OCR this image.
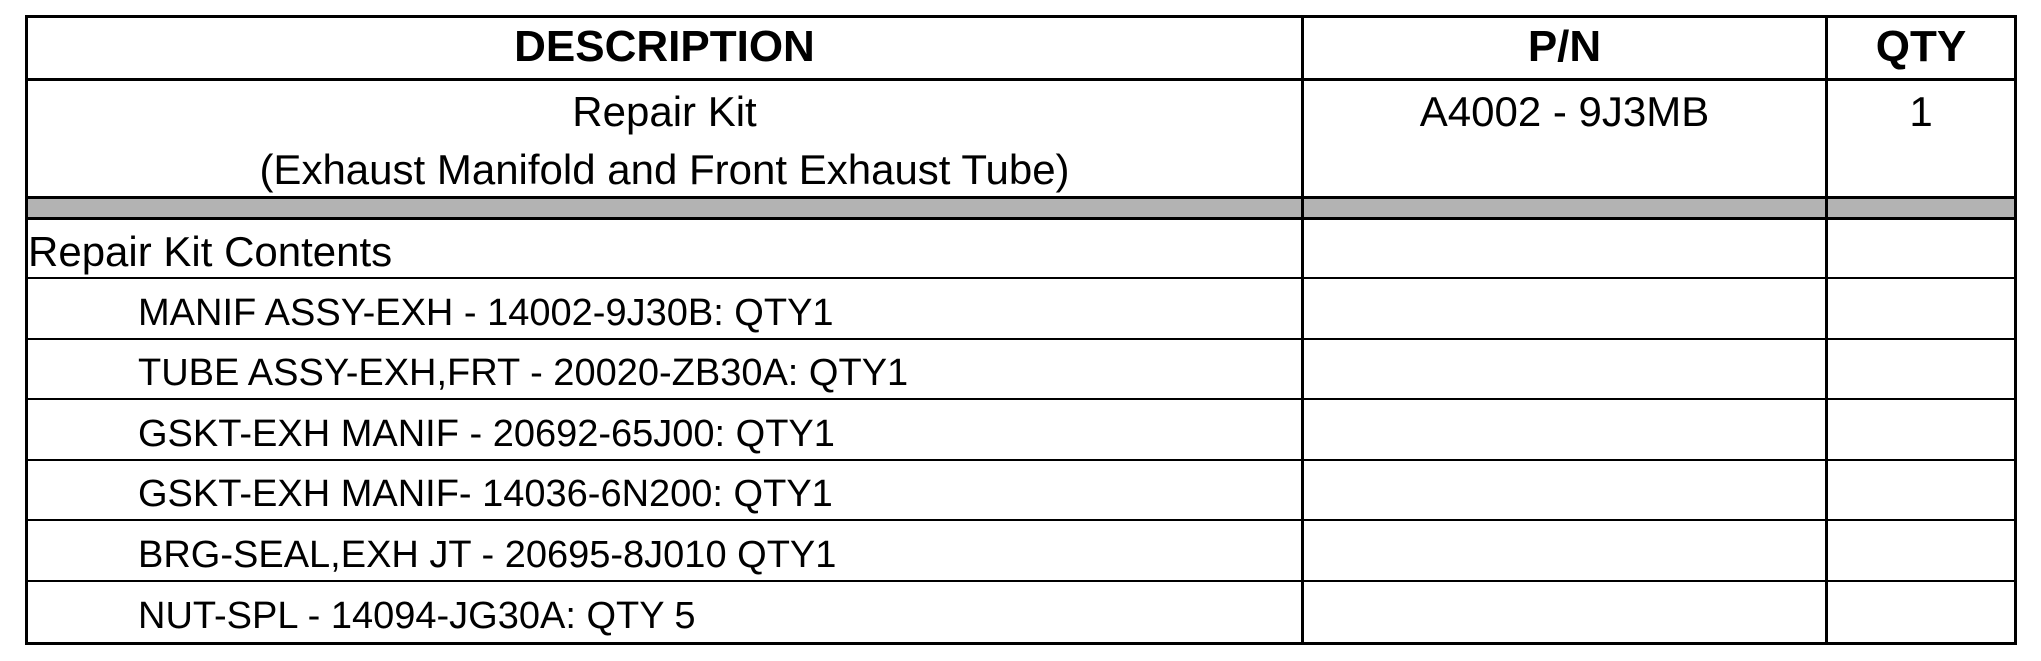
DESCRIPTION	P/N	QTY
Repair Kit
(Exhaust Manifold and Front Exhaust Tube)
A4002 - 9J3MB	1
Repair Kit Contents
MANIF ASSY-EXH - 14002-9J30B: QTY1
TUBE ASSY-EXH,FRT - 20020-ZB30A: QTY1
GSKT-EXH MANIF - 20692-65J00: QTY1
GSKT-EXH MANIF- 14036-6N200: QTY1
BRG-SEAL,EXH JT - 20695-8J010 QTY1
NUT-SPL - 14094-JG30A: QTY 5
